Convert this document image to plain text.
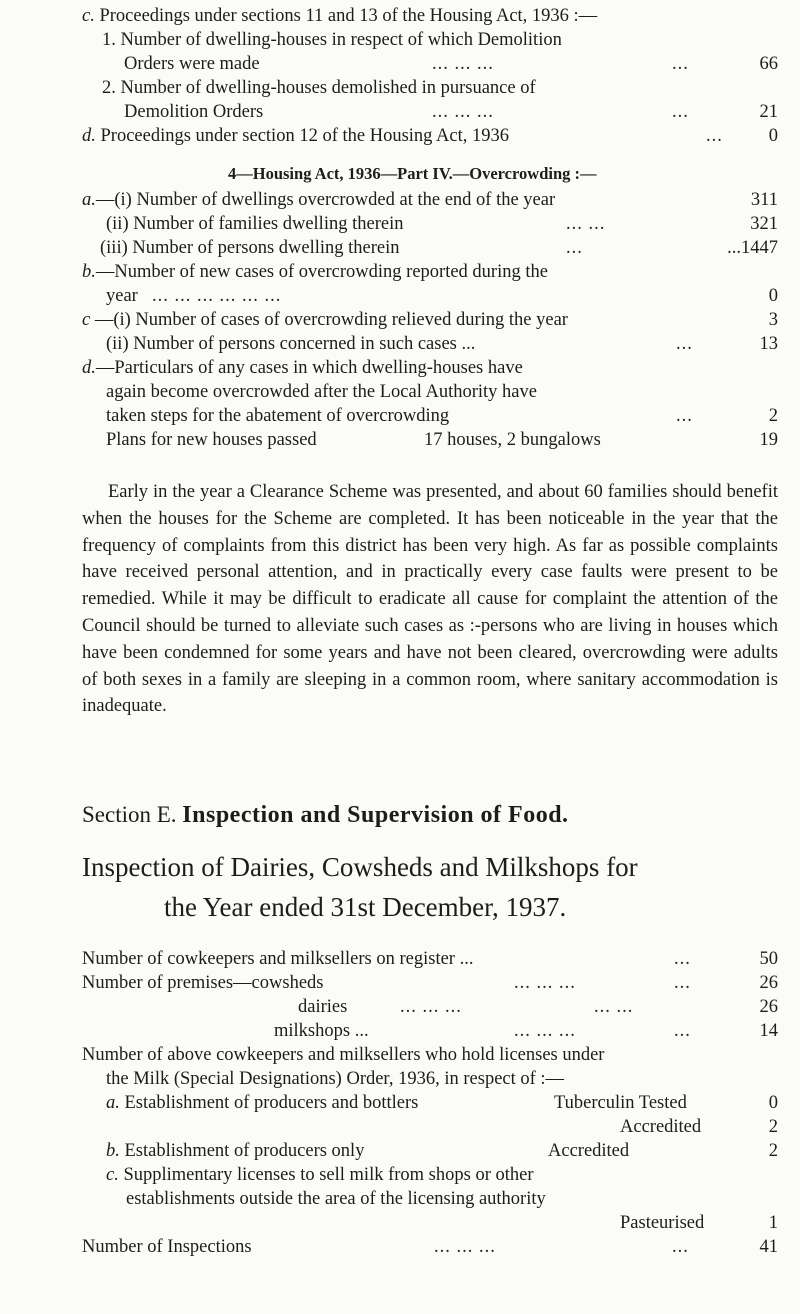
c. Proceedings under sections 11 and 13 of the Housing Act, 1936 :—
1. Number of dwelling-houses in respect of which Demolition
Orders were made	... ... ...	...	66
2. Number of dwelling-houses demolished in pursuance of
Demolition Orders	... ... ...	...	21
d. Proceedings under section 12 of the Housing Act, 1936	... 0
4—Housing Act, 1936—Part IV.—Overcrowding :—
a.—(i) Number of dwellings overcrowded at the end of the year	311
(ii) Number of families dwelling therein	... ...	321
(iii) Number of persons dwelling therein	...	...1447
b.—Number of new cases of overcrowding reported during the
year ... ... ... ... ... ...	0
c —(i) Number of cases of overcrowding relieved during the year	3
(ii) Number of persons concerned in such cases ...	...	13
d.—Particulars of any cases in which dwelling-houses have
again become overcrowded after the Local Authority have
taken steps for the abatement of overcrowding	...	2
Plans for new houses passed	17 houses, 2 bungalows	19
Early in the year a Clearance Scheme was presented, and about 60 families should benefit when the houses for the Scheme are completed. It has been noticeable in the year that the frequency of complaints from this district has been very high. As far as possible complaints have received personal attention, and in practically every case faults were present to be remedied. While it may be difficult to eradicate all cause for complaint the attention of the Council should be turned to alleviate such cases as :-persons who are living in houses which have been condemned for some years and have not been cleared, overcrowding were adults of both sexes in a family are sleeping in a common room, where sanitary accommodation is inadequate.
Section E. Inspection and Supervision of Food.
Inspection of Dairies, Cowsheds and Milkshops for
the Year ended 31st December, 1937.
Number of cowkeepers and milksellers on register ...	...	50
Number of premises—cowsheds	... ... ...	...	26
dairies	... ... ...	... ...	26
milkshops ...	... ... ...	...	14
Number of above cowkeepers and milksellers who hold licenses under
the Milk (Special Designations) Order, 1936, in respect of :—
a. Establishment of producers and bottlers	Tuberculin Tested	0
Accredited	2
b. Establishment of producers only	Accredited	2
c. Supplimentary licenses to sell milk from shops or other
establishments outside the area of the licensing authority
Pasteurised	1
Number of Inspections	... ... ...	...	41
